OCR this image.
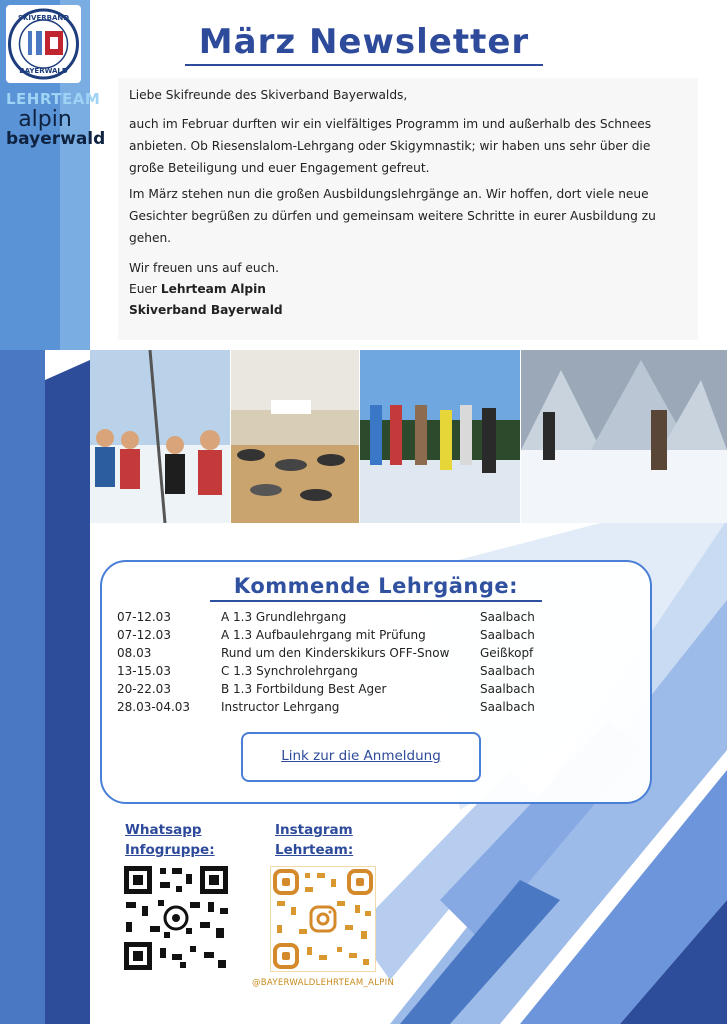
SKIVERBAND
BAYERWALD
LEHRTEAM
alpin
bayerwald
März Newsletter

Liebe Skifreunde des Skiverband Bayerwalds,

auch im Februar durften wir ein vielfältiges Programm im und außerhalb des Schnees anbieten. Ob Riesenslalom-Lehrgang oder Skigymnastik; wir haben uns sehr über die große Beteiligung und euer Engagement gefreut.

Im März stehen nun die großen Ausbildungslehrgänge an. Wir hoffen, dort viele neue Gesichter begrüßen zu dürfen und gemeinsam weitere Schritte in eurer Ausbildung zu gehen.

Wir freuen uns auf euch.

Euer Lehrteam Alpin

Skiverband Bayerwald

Kommende Lehrgänge:
07-12.03	A 1.3 Grundlehrgang	Saalbach
07-12.03	A 1.3 Aufbaulehrgang mit Prüfung	Saalbach
08.03	Rund um den Kinderskikurs OFF-Snow	Geißkopf
13-15.03	C 1.3 Synchrolehrgang	Saalbach
20-22.03	B 1.3 Fortbildung Best Ager	Saalbach
28.03-04.03	Instructor Lehrgang	Saalbach
Link zur die Anmeldung
Whatsapp
Infogruppe:
Instagram
Lehrteam:
@BAYERWALDLEHRTEAM_ALPIN
